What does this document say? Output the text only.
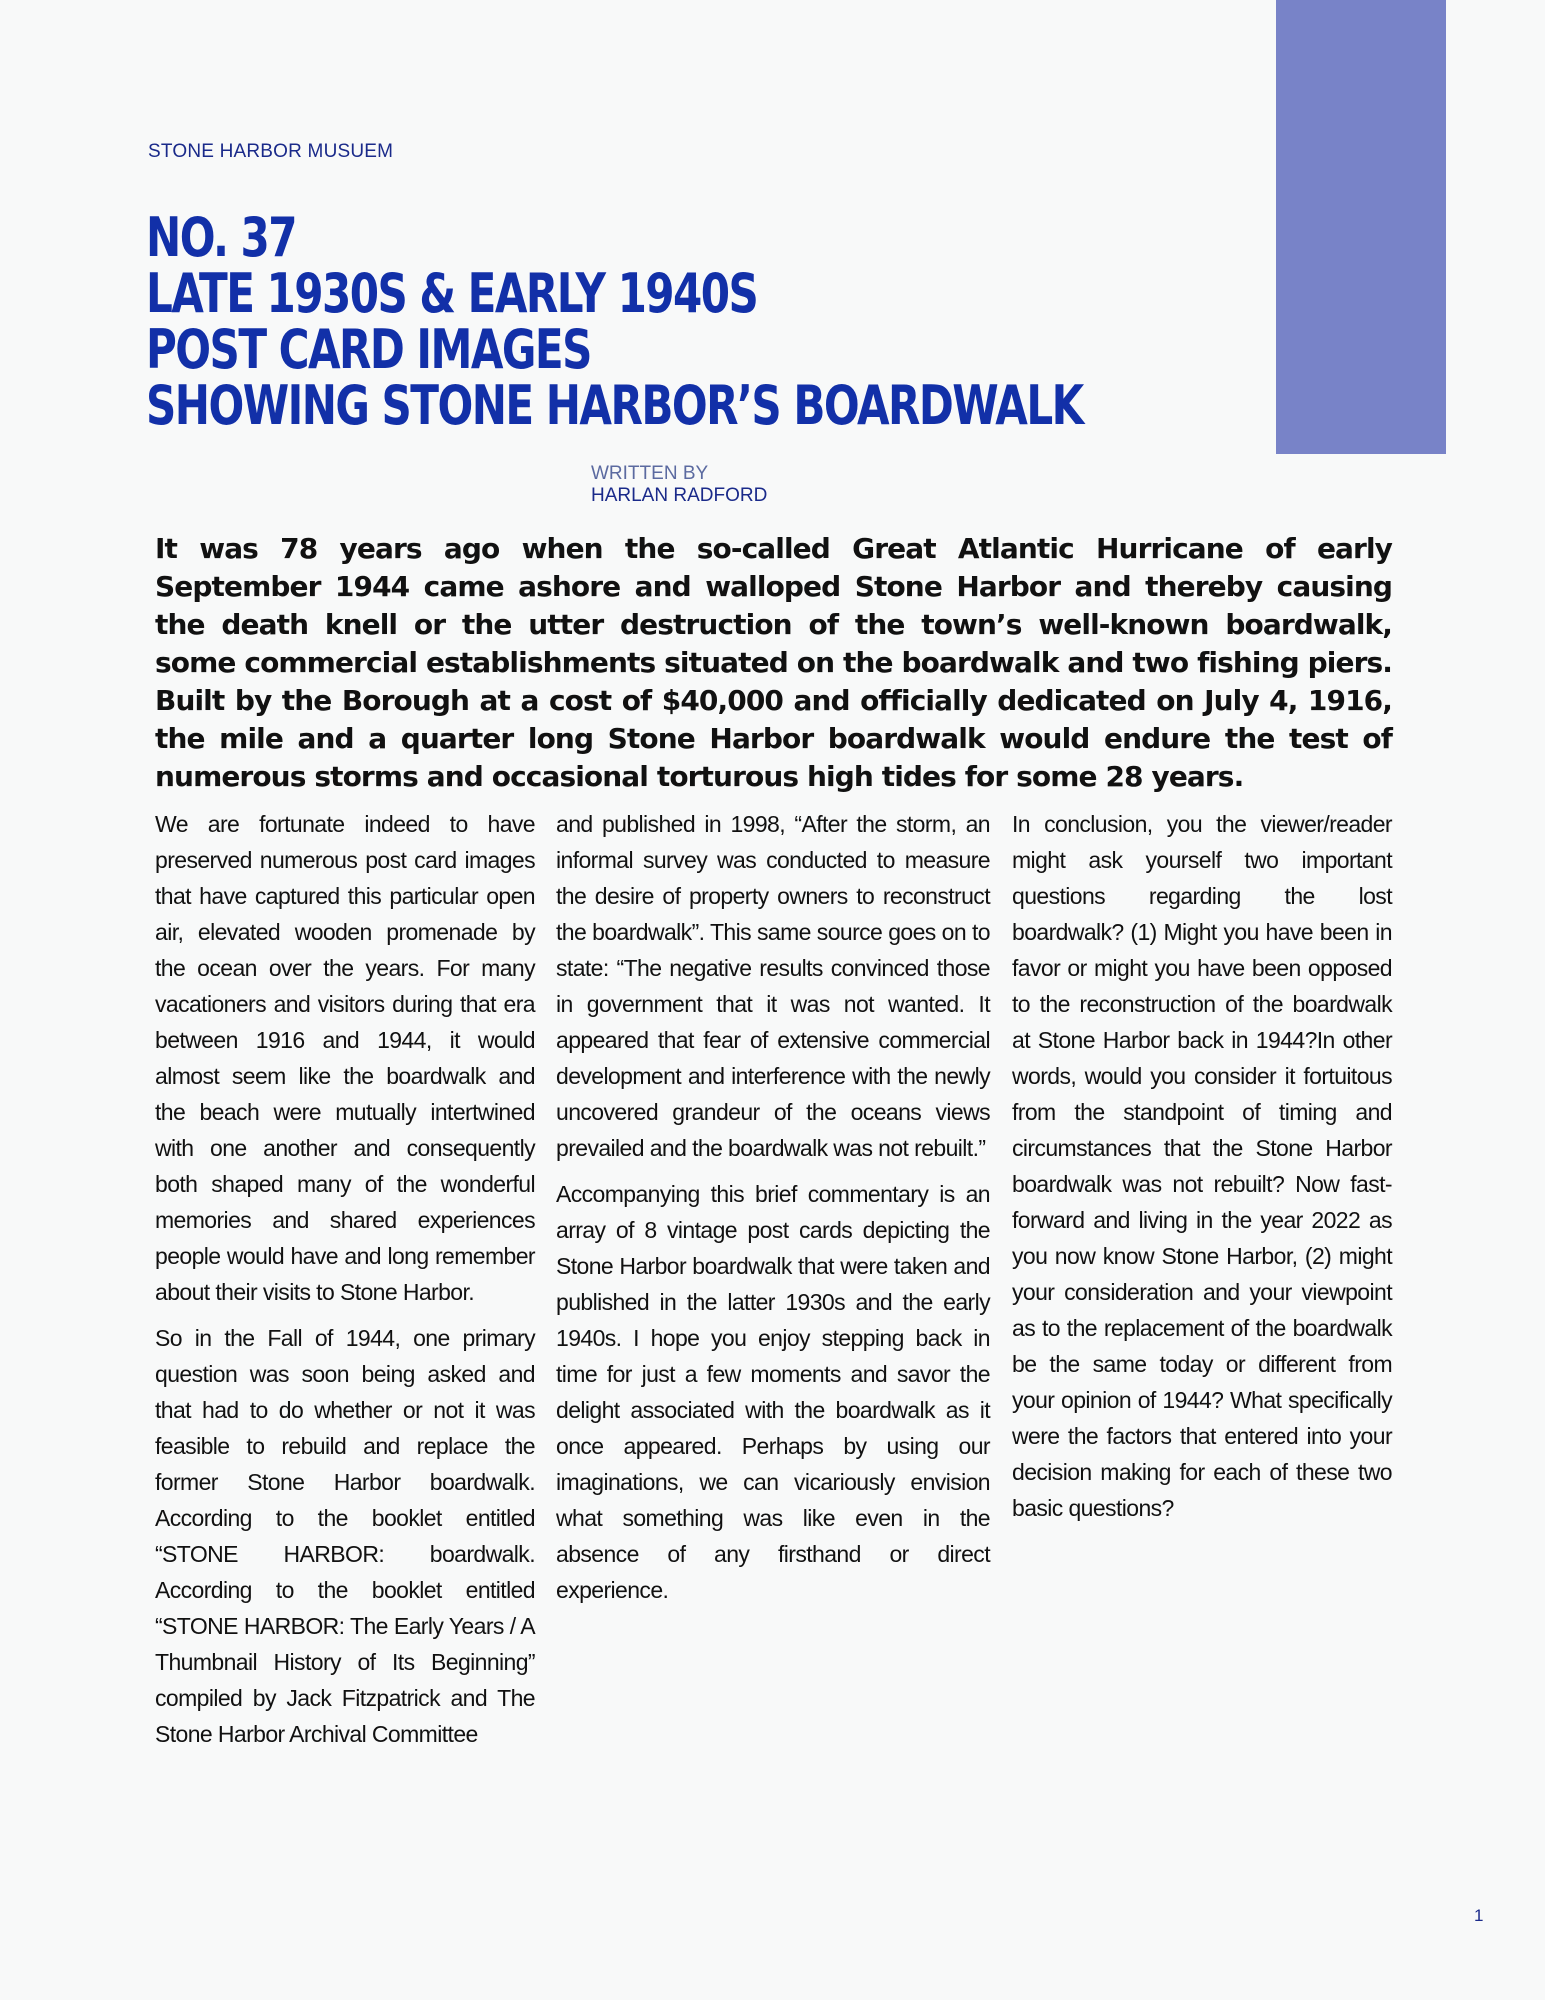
STONE HARBOR MUSUEM
NO. 37
LATE 1930S & EARLY 1940S
POST CARD IMAGES
SHOWING STONE HARBOR’S BOARDWALK
WRITTEN BY
HARLAN RADFORD

It was 78 years ago when the so-called Great Atlantic Hurricane of early September 1944 came ashore and walloped Stone Harbor and thereby causing the death knell or the utter destruction of the town’s well-known boardwalk, some commercial establishments situated on the boardwalk and two fishing piers. Built by the Borough at a cost of $40,000 and officially dedicated on July 4, 1916, the mile and a quarter long Stone Harbor boardwalk would endure the test of numerous storms and occasional torturous high tides for some 28 years.

We are fortunate indeed to have preserved numerous post card images that have captured this particular open air, elevated wooden promenade by the ocean over the years. For many vacationers and visitors during that era between 1916 and 1944, it would almost seem like the boardwalk and the beach were mutually intertwined with one another and consequently both shaped many of the wonderful memories and shared experiences people would have and long remember about their visits to Stone Harbor.

So in the Fall of 1944, one primary question was soon being asked and that had to do whether or not it was feasible to rebuild and replace the former Stone Harbor boardwalk. According to the booklet entitled “STONE HARBOR: boardwalk. According to the booklet entitled “STONE HARBOR: The Early Years / A Thumbnail History of Its Beginning” compiled by Jack Fitzpatrick and The Stone Harbor Archival Committee

and published in 1998, “After the storm, an informal survey was conducted to measure the desire of property owners to reconstruct the boardwalk”. This same source goes on to state: “The negative results convinced those in government that it was not wanted. It appeared that fear of extensive commercial development and interference with the newly uncovered grandeur of the oceans views prevailed and the boardwalk was not rebuilt.”

Accompanying this brief commentary is an array of 8 vintage post cards depicting the Stone Harbor boardwalk that were taken and published in the latter 1930s and the early 1940s. I hope you enjoy stepping back in time for just a few moments and savor the delight associated with the boardwalk as it once appeared. Perhaps by using our imaginations, we can vicariously envision what something was like even in the absence of any firsthand or direct experience.

In conclusion, you the viewer/reader might ask yourself two important questions regarding the lost boardwalk? (1) Might you have been in favor or might you have been opposed to the reconstruction of the boardwalk at Stone Harbor back in 1944?In other words, would you consider it fortuitous from the standpoint of timing and circumstances that the Stone Harbor boardwalk was not rebuilt? Now fast-forward and living in the year 2022 as you now know Stone Harbor, (2) might your consideration and your viewpoint as to the replacement of the boardwalk be the same today or different from your opinion of 1944? What specifically were the factors that entered into your decision making for each of these two basic questions?

1
